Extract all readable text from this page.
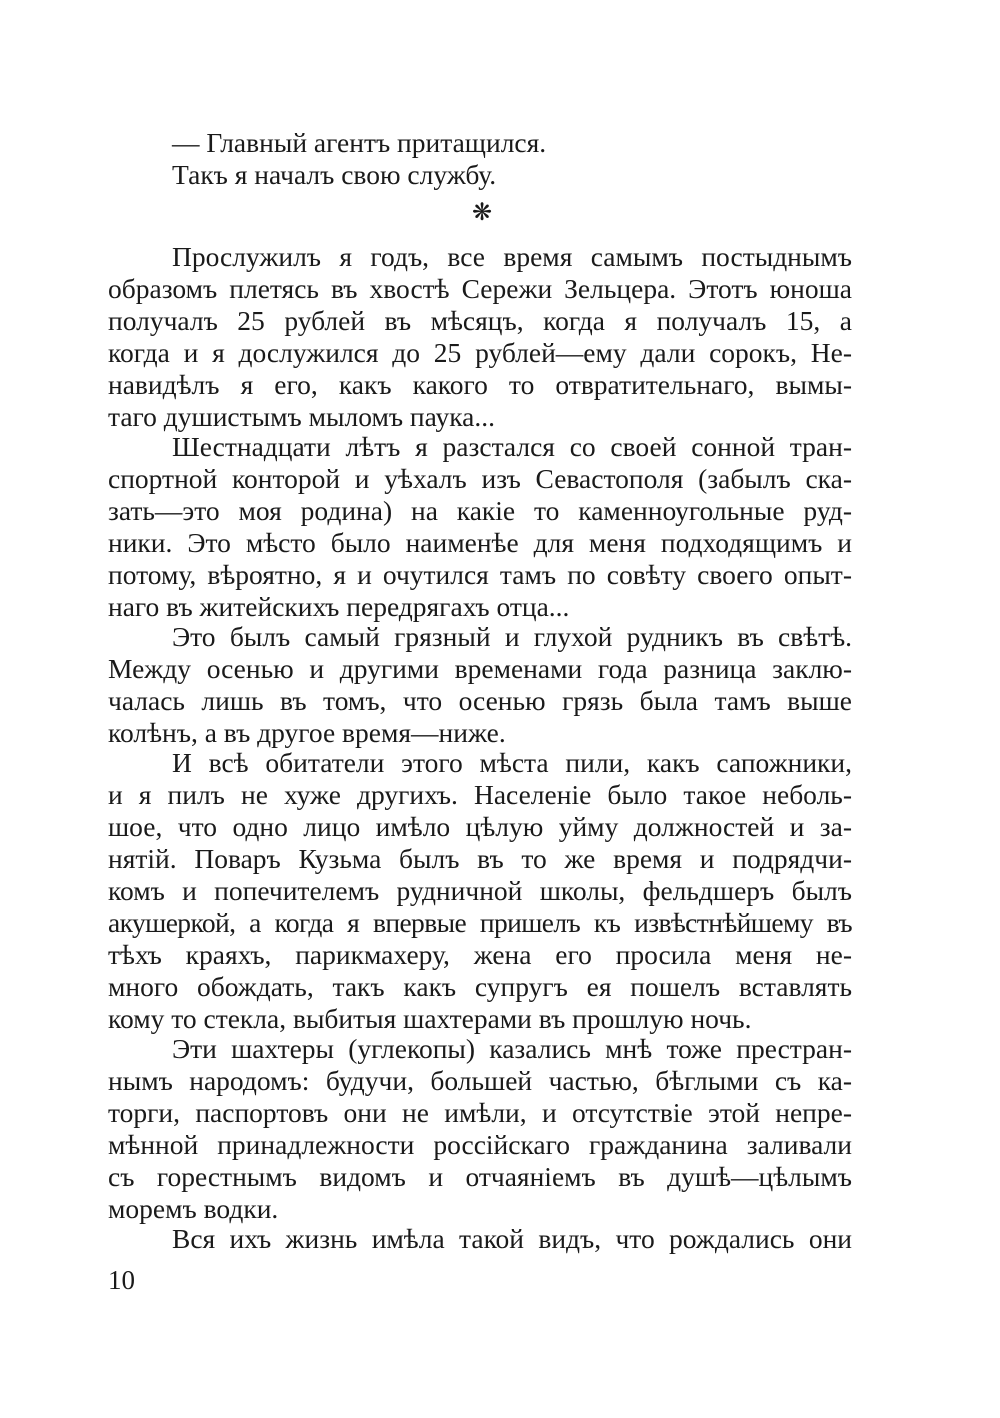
— Главный агентъ притащился.
Такъ я началъ свою службу.
❋
Прослужилъ я годъ, все время самымъ постыднымъ
образомъ плетясь въ хвостѣ Сережи Зельцера. Этотъ юноша
получалъ 25 рублей въ мѣсяцъ, когда я получалъ 15, а
когда и я дослужился до 25 рублей—ему дали сорокъ, Не-
навидѣлъ я его, какъ какого то отвратительнаго, вымы-
таго душистымъ мыломъ паука...
Шестнадцати лѣтъ я разстался со своей сонной тран-
спортной конторой и уѣхалъ изъ Севастополя (забылъ ска-
зать—это моя родина) на какіе то каменноугольные руд-
ники. Это мѣсто было наименѣе для меня подходящимъ и
потому, вѣроятно, я и очутился тамъ по совѣту своего опыт-
наго въ житейскихъ передрягахъ отца...
Это былъ самый грязный и глухой рудникъ въ свѣтѣ.
Между осенью и другими временами года разница заклю-
чалась лишь въ томъ, что осенью грязь была тамъ выше
колѣнъ, а въ другое время—ниже.
И всѣ обитатели этого мѣста пили, какъ сапожники,
и я пилъ не хуже другихъ. Населеніе было такое неболь-
шое, что одно лицо имѣло цѣлую уйму должностей и за-
нятій. Поваръ Кузьма былъ въ то же время и подрядчи-
комъ и попечителемъ рудничной школы, фельдшеръ былъ
акушеркой, а когда я впервые пришелъ къ извѣстнѣйшему въ
тѣхъ краяхъ, парикмахеру, жена его просила меня не-
много обождать, такъ какъ супругъ ея пошелъ вставлять
кому то стекла, выбитыя шахтерами въ прошлую ночь.
Эти шахтеры (углекопы) казались мнѣ тоже престран-
нымъ народомъ: будучи, большей частью, бѣглыми съ ка-
торги, паспортовъ они не имѣли, и отсутствіе этой непре-
мѣнной принадлежности россійскаго гражданина заливали
съ горестнымъ видомъ и отчаяніемъ въ душѣ—цѣлымъ
моремъ водки.
Вся ихъ жизнь имѣла такой видъ, что рождались они
10
